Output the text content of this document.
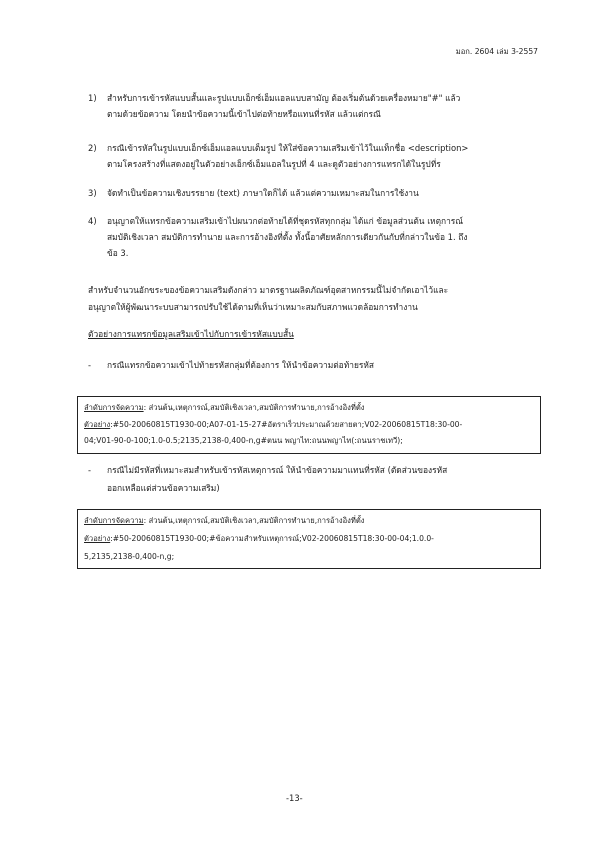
มอก. 2604 เล่ม 3-2557
1) สำหรับการเข้ารหัสแบบสั้นและรูปแบบเอ็กซ์เอ็มแอลแบบสามัญ ต้องเริ่มต้นด้วยเครื่องหมาย"#" แล้ว
ตามด้วยข้อความ โดยนำข้อความนี้เข้าไปต่อท้ายหรือแทนที่รหัส แล้วแต่กรณี
2) กรณีเข้ารหัสในรูปแบบเอ็กซ์เอ็มแอลแบบเต็มรูป ให้ใส่ข้อความเสริมเข้าไว้ในแท็กชื่อ <description>
ตามโครงสร้างที่แสดงอยู่ในตัวอย่างเอ็กซ์เอ็มแอลในรูปที่ 4 และดูตัวอย่างการแทรกได้ในรูปที่ร
3) จัดทำเป็นข้อความเชิงบรรยาย (text) ภาษาใดก็ได้ แล้วแต่ความเหมาะสมในการใช้งาน
4) อนุญาตให้แทรกข้อความเสริมเข้าไปผนวกต่อท้ายได้ที่ชุดรหัสทุกกลุ่ม ได้แก่ ข้อมูลส่วนต้น เหตุการณ์
สมบัติเชิงเวลา สมบัติการทำนาย และการอ้างอิงที่ตั้ง ทั้งนี้อาศัยหลักการเดียวกันกับที่กล่าวในข้อ 1. ถึง
ข้อ 3.
สำหรับจำนวนอักขระของข้อความเสริมดังกล่าว มาตรฐานผลิตภัณฑ์อุตสาหกรรมนี้ไม่จำกัดเอาไว้และ
อนุญาตให้ผู้พัฒนาระบบสามารถปรับใช้ได้ตามที่เห็นว่าเหมาะสมกับสภาพแวดล้อมการทำงาน
ตัวอย่างการแทรกข้อมูลเสริมเข้าไปกับการเข้ารหัสแบบสั้น
- กรณีแทรกข้อความเข้าไปท้ายรหัสกลุ่มที่ต้องการ ให้นำข้อความต่อท้ายรหัส
ลำดับการจัดความ: ส่วนต้น,เหตุการณ์,สมบัติเชิงเวลา,สมบัติการทำนาย,การอ้างอิงที่ตั้ง
ตัวอย่าง:#50-20060815T1930-00;A07-01-15-27#อัตราเร็วประมาณด้วยสายตา;V02-20060815T18:30-00-
04;V01-90-0-100;1.0-0.5;2135,2138-0,400-n,g#ตนน พญาไท:ถนนพญาไท(:ถนนราชเทวี);
- กรณีไม่มีรหัสที่เหมาะสมสำหรับเข้ารหัสเหตุการณ์ ให้นำข้อความมาแทนที่รหัส (ตัดส่วนของรหัส
ออกเหลือแต่ส่วนข้อความเสริม)
ลำดับการจัดความ: ส่วนต้น,เหตุการณ์,สมบัติเชิงเวลา,สมบัติการทำนาย,การอ้างอิงที่ตั้ง
ตัวอย่าง:#50-20060815T1930-00;#ข้อความสำหรับเหตุการณ์;V02-20060815T18:30-00-04;1.0.0-
5,2135,2138-0,400-n,g;
-13-
